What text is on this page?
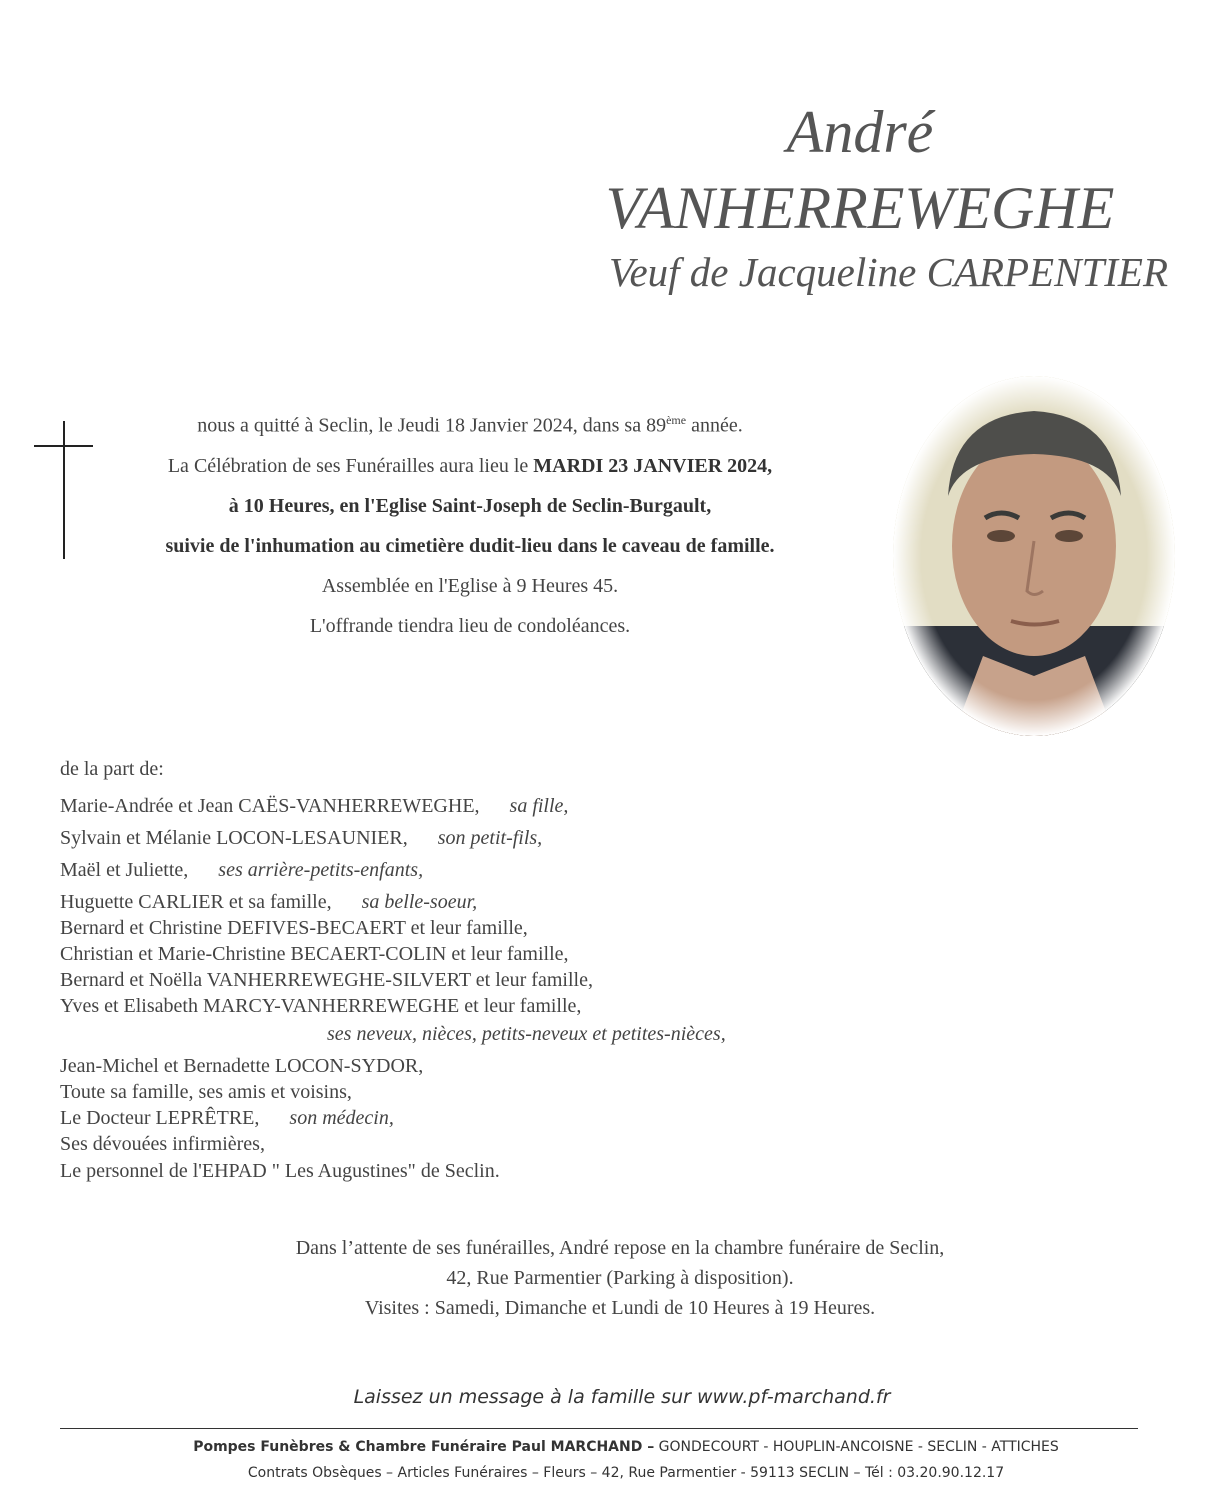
André
VANHERREWEGHE
Veuf de Jacqueline CARPENTIER
nous a quitté à Seclin, le Jeudi 18 Janvier 2024, dans sa 89ème année.
La Célébration de ses Funérailles aura lieu le MARDI 23 JANVIER 2024,
à 10 Heures, en l'Eglise Saint-Joseph de Seclin-Burgault,
suivie de l'inhumation au cimetière dudit-lieu dans le caveau de famille.
Assemblée en l'Eglise à 9 Heures 45.
L'offrande tiendra lieu de condoléances.
de la part de:
Marie-Andrée et Jean CAËS-VANHERREWEGHE, sa fille,
Sylvain et Mélanie LOCON-LESAUNIER, son petit-fils,
Maël et Juliette, ses arrière-petits-enfants,
Huguette CARLIER et sa famille, sa belle-soeur,
Bernard et Christine DEFIVES-BECAERT et leur famille,
Christian et Marie-Christine BECAERT-COLIN et leur famille,
Bernard et Noëlla VANHERREWEGHE-SILVERT et leur famille,
Yves et Elisabeth MARCY-VANHERREWEGHE et leur famille,
ses neveux, nièces, petits-neveux et petites-nièces,
Jean-Michel et Bernadette LOCON-SYDOR,
Toute sa famille, ses amis et voisins,
Le Docteur LEPRÊTRE, son médecin,
Ses dévouées infirmières,
Le personnel de l'EHPAD " Les Augustines" de Seclin.
Dans l’attente de ses funérailles, André repose en la chambre funéraire de Seclin,
42, Rue Parmentier (Parking à disposition).
Visites : Samedi, Dimanche et Lundi de 10 Heures à 19 Heures.
Laissez un message à la famille sur www.pf-marchand.fr
Pompes Funèbres & Chambre Funéraire Paul MARCHAND – GONDECOURT - HOUPLIN-ANCOISNE - SECLIN - ATTICHES
Contrats Obsèques – Articles Funéraires – Fleurs – 42, Rue Parmentier - 59113 SECLIN – Tél : 03.20.90.12.17
